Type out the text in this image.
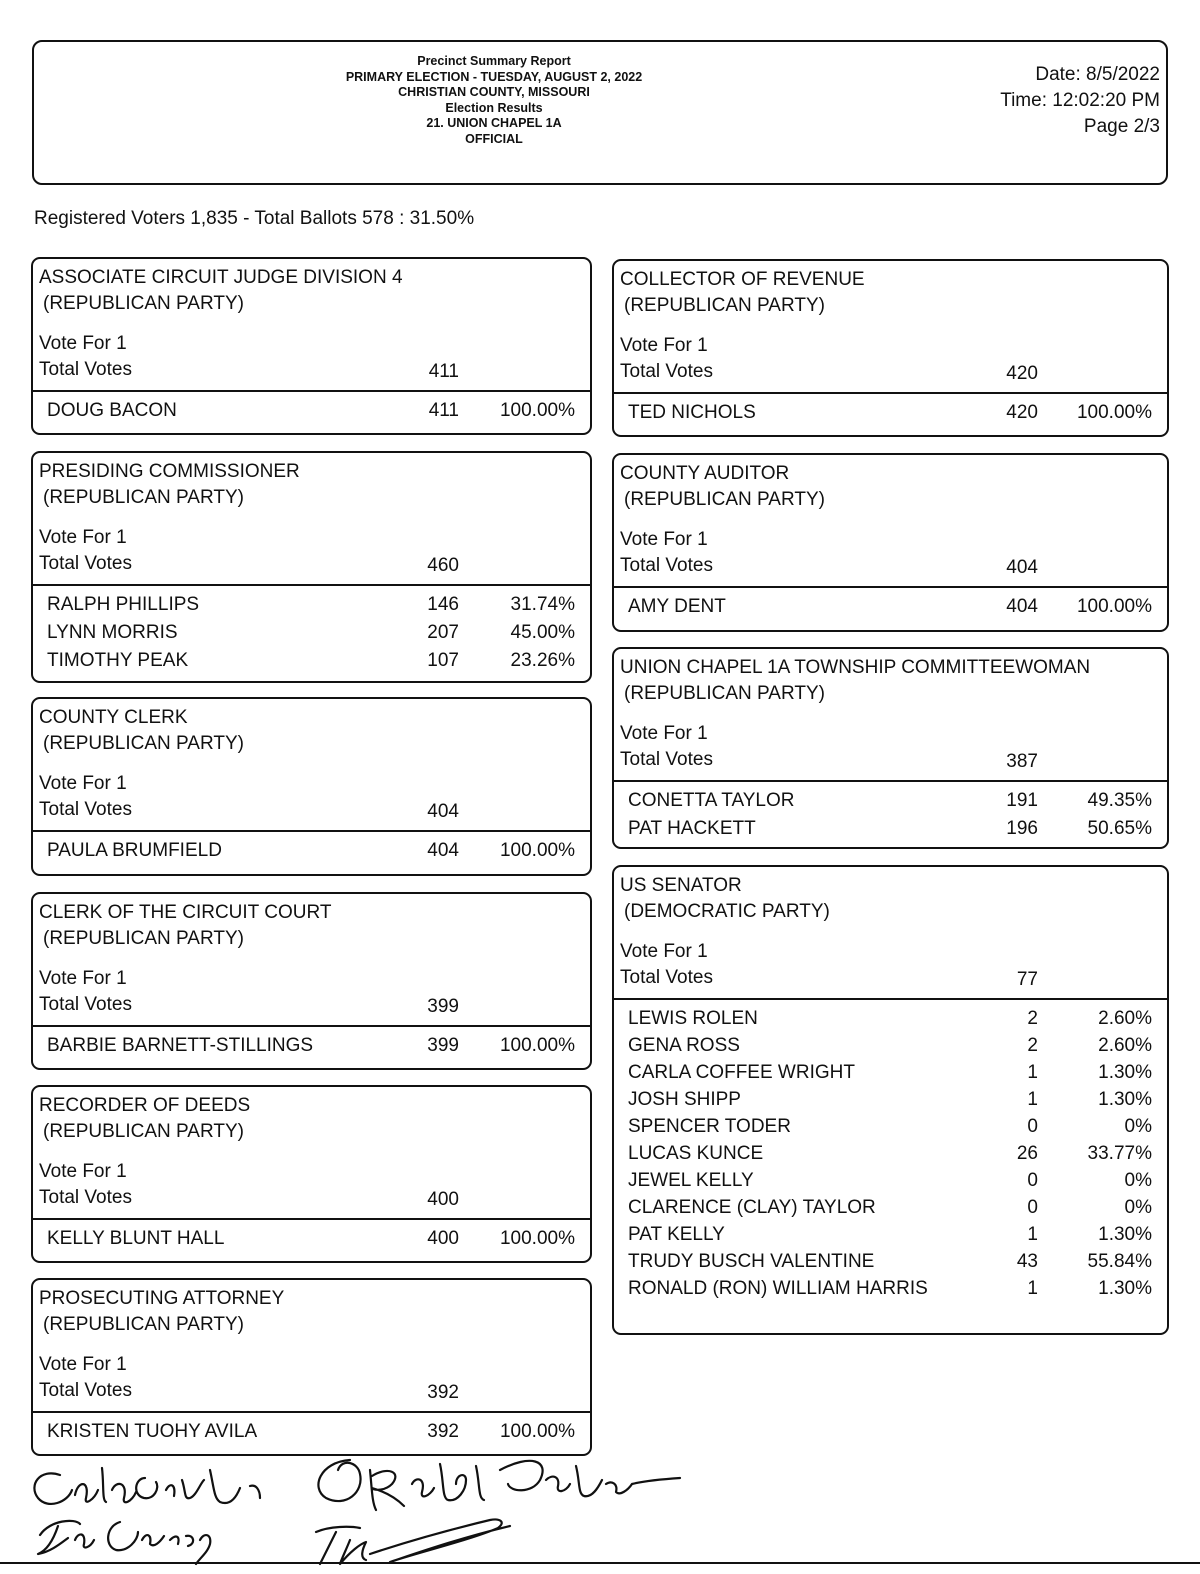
Precinct Summary Report
PRIMARY ELECTION - TUESDAY, AUGUST 2, 2022
CHRISTIAN COUNTY, MISSOURI
Election Results
21. UNION CHAPEL 1A
OFFICIAL
Date: 8/5/2022
Time: 12:02:20 PM
Page 2/3
Registered Voters 1,835 - Total Ballots 578 : 31.50%
ASSOCIATE CIRCUIT JUDGE DIVISION 4
(REPUBLICAN PARTY)
Vote For 1
Total Votes	411
DOUG BACON	411	100.00%
PRESIDING COMMISSIONER
(REPUBLICAN PARTY)
Vote For 1
Total Votes	460
RALPH PHILLIPS	146	31.74%
LYNN MORRIS	207	45.00%
TIMOTHY PEAK	107	23.26%
COUNTY CLERK
(REPUBLICAN PARTY)
Vote For 1
Total Votes	404
PAULA BRUMFIELD	404	100.00%
CLERK OF THE CIRCUIT COURT
(REPUBLICAN PARTY)
Vote For 1
Total Votes	399
BARBIE BARNETT-STILLINGS	399	100.00%
RECORDER OF DEEDS
(REPUBLICAN PARTY)
Vote For 1
Total Votes	400
KELLY BLUNT HALL	400	100.00%
PROSECUTING ATTORNEY
(REPUBLICAN PARTY)
Vote For 1
Total Votes	392
KRISTEN TUOHY AVILA	392	100.00%
COLLECTOR OF REVENUE
(REPUBLICAN PARTY)
Vote For 1
Total Votes	420
TED NICHOLS	420	100.00%
COUNTY AUDITOR
(REPUBLICAN PARTY)
Vote For 1
Total Votes	404
AMY DENT	404	100.00%
UNION CHAPEL 1A TOWNSHIP COMMITTEEWOMAN
(REPUBLICAN PARTY)
Vote For 1
Total Votes	387
CONETTA TAYLOR	191	49.35%
PAT HACKETT	196	50.65%
US SENATOR
(DEMOCRATIC PARTY)
Vote For 1
Total Votes	77
LEWIS ROLEN	2	2.60%
GENA ROSS	2	2.60%
CARLA COFFEE WRIGHT	1	1.30%
JOSH SHIPP	1	1.30%
SPENCER TODER	0	0%
LUCAS KUNCE	26	33.77%
JEWEL KELLY	0	0%
CLARENCE (CLAY) TAYLOR	0	0%
PAT KELLY	1	1.30%
TRUDY BUSCH VALENTINE	43	55.84%
RONALD (RON) WILLIAM HARRIS	1	1.30%
